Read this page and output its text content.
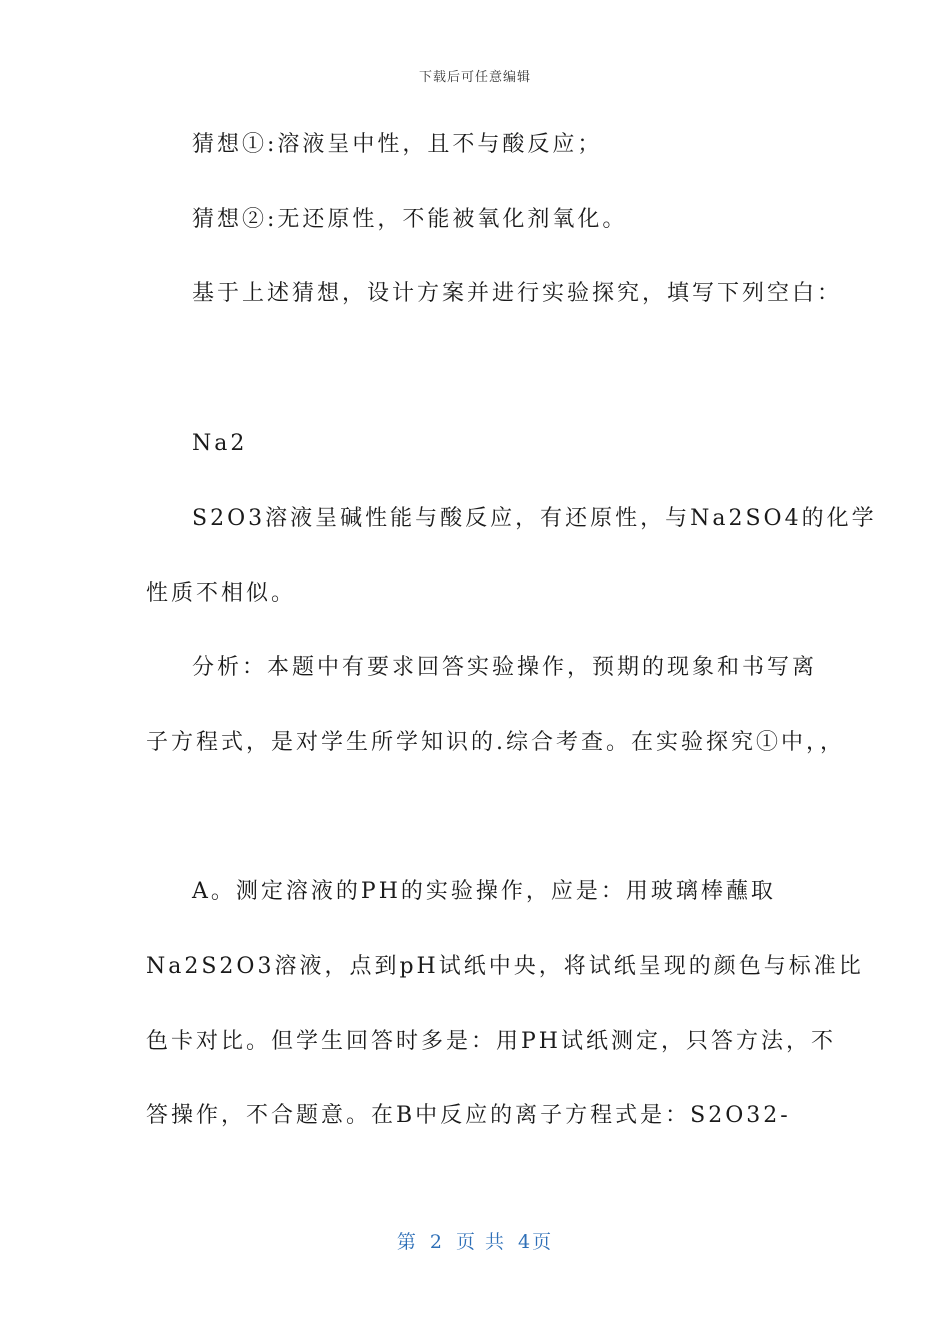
下载后可任意编辑
猜想①:溶液呈中性，且不与酸反应；
猜想②:无还原性，不能被氧化剂氧化。
基于上述猜想，设计方案并进行实验探究，填写下列空白：
Na2
S2O3溶液呈碱性能与酸反应，有还原性，与Na2SO4的化学
性质不相似。
分析：本题中有要求回答实验操作，预期的现象和书写离
子方程式，是对学生所学知识的.综合考查。在实验探究①中，，
A。测定溶液的PH的实验操作，应是：用玻璃棒蘸取
Na2S2O3溶液，点到pH试纸中央，将试纸呈现的颜色与标准比
色卡对比。但学生回答时多是：用PH试纸测定，只答方法，不
答操作，不合题意。在B中反应的离子方程式是：S2O32-
第 2 页 共 4页
